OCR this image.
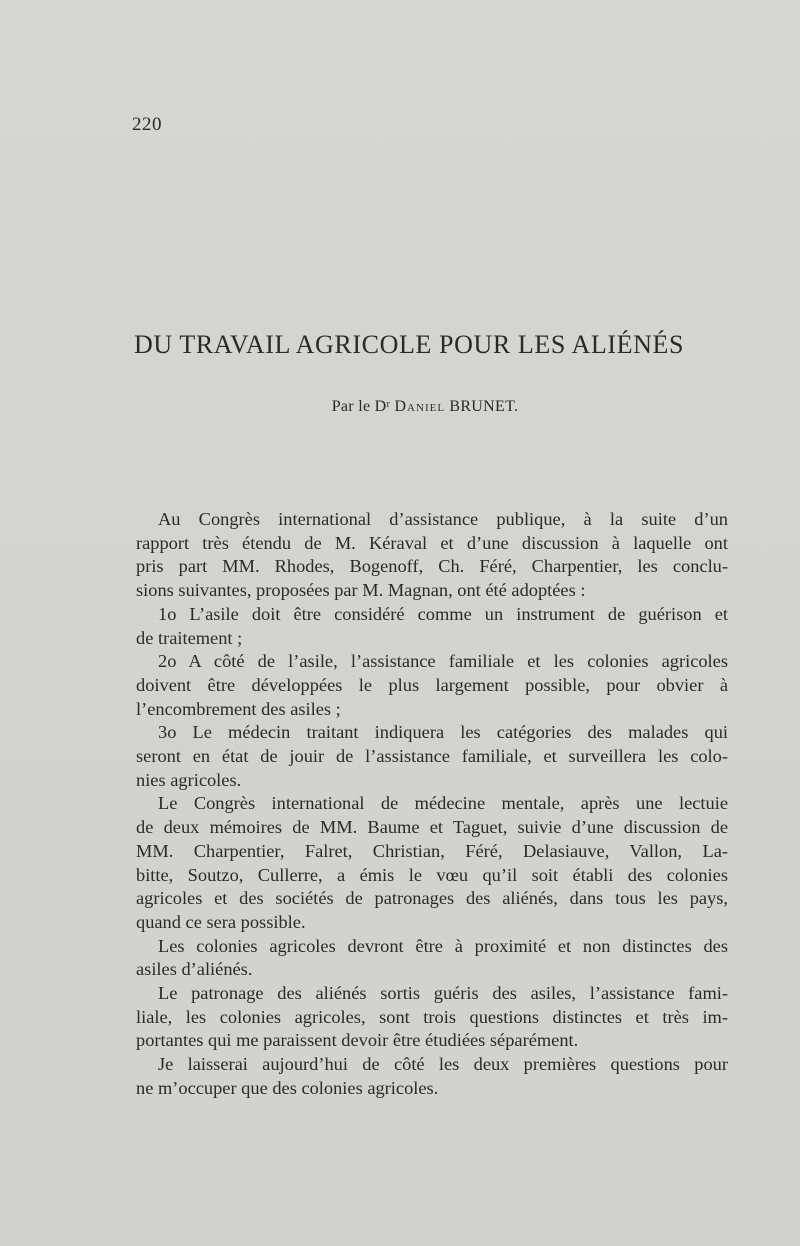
220
DU TRAVAIL AGRICOLE POUR LES ALIÉNÉS
Par le $D^r$ Daniel BRUNET.
Au Congrès international d’assistance publique, à la suite d’un
rapport très étendu de M. Kéraval et d’une discussion à laquelle ont
pris part MM. Rhodes, Bogenoff, Ch. Féré, Charpentier, les conclu-
sions suivantes, proposées par M. Magnan, ont été adoptées :
1o L’asile doit être considéré comme un instrument de guérison et
de traitement ;
2o A côté de l’asile, l’assistance familiale et les colonies agricoles
doivent être développées le plus largement possible, pour obvier à
l’encombrement des asiles ;
3o Le médecin traitant indiquera les catégories des malades qui
seront en état de jouir de l’assistance familiale, et surveillera les colo-
nies agricoles.
Le Congrès international de médecine mentale, après une lectuie
de deux mémoires de MM. Baume et Taguet, suivie d’une discussion de
MM. Charpentier, Falret, Christian, Féré, Delasiauve, Vallon, La-
bitte, Soutzo, Cullerre, a émis le vœu qu’il soit établi des colonies
agricoles et des sociétés de patronages des aliénés, dans tous les pays,
quand ce sera possible.
Les colonies agricoles devront être à proximité et non distinctes des
asiles d’aliénés.
Le patronage des aliénés sortis guéris des asiles, l’assistance fami-
liale, les colonies agricoles, sont trois questions distinctes et très im-
portantes qui me paraissent devoir être étudiées séparément.
Je laisserai aujourd’hui de côté les deux premières questions pour
ne m’occuper que des colonies agricoles.
